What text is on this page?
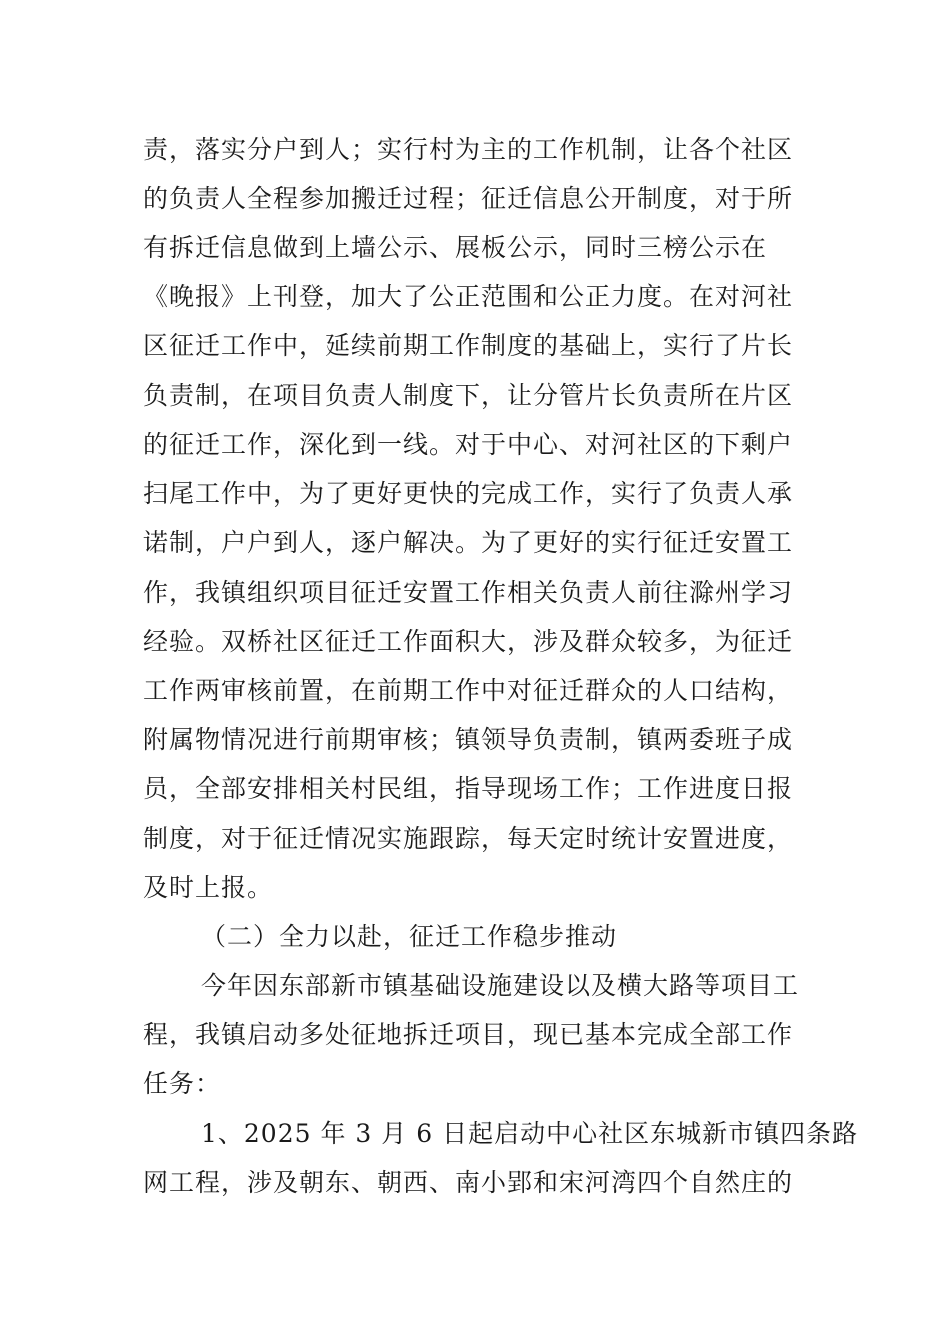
责，落实分户到人；实行村为主的工作机制，让各个社区
的负责人全程参加搬迁过程；征迁信息公开制度，对于所
有拆迁信息做到上墙公示、展板公示，同时三榜公示在
《晚报》上刊登，加大了公正范围和公正力度。在对河社
区征迁工作中，延续前期工作制度的基础上，实行了片长
负责制，在项目负责人制度下，让分管片长负责所在片区
的征迁工作，深化到一线。对于中心、对河社区的下剩户
扫尾工作中，为了更好更快的完成工作，实行了负责人承
诺制，户户到人，逐户解决。为了更好的实行征迁安置工
作，我镇组织项目征迁安置工作相关负责人前往滁州学习
经验。双桥社区征迁工作面积大，涉及群众较多，为征迁
工作两审核前置，在前期工作中对征迁群众的人口结构，
附属物情况进行前期审核；镇领导负责制，镇两委班子成
员，全部安排相关村民组，指导现场工作；工作进度日报
制度，对于征迁情况实施跟踪，每天定时统计安置进度，
及时上报。
（二）全力以赴，征迁工作稳步推动
今年因东部新市镇基础设施建设以及横大路等项目工
程，我镇启动多处征地拆迁项目，现已基本完成全部工作
任务：
1、2025 年 3 月 6 日起启动中心社区东城新市镇四条路
网工程，涉及朝东、朝西、南小郢和宋河湾四个自然庄的
